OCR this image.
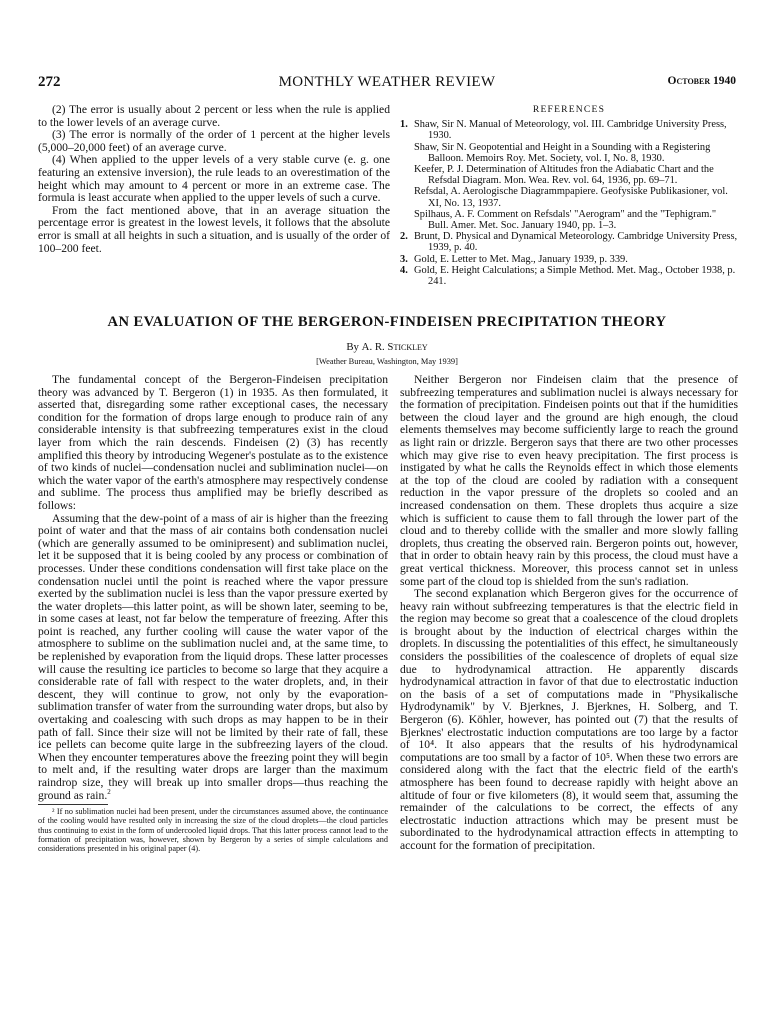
272	MONTHLY WEATHER REVIEW	October 1940

(2) The error is usually about 2 percent or less when the rule is applied to the lower levels of an average curve.

(3) The error is normally of the order of 1 percent at the higher levels (5,000–20,000 feet) of an average curve.

(4) When applied to the upper levels of a very stable curve (e. g. one featuring an extensive inversion), the rule leads to an overestimation of the height which may amount to 4 percent or more in an extreme case. The formula is least accurate when applied to the upper levels of such a curve.

From the fact mentioned above, that in an average situation the percentage error is greatest in the lowest levels, it follows that the absolute error is small at all heights in such a situation, and is usually of the order of 100–200 feet.

REFERENCES
1. Shaw, Sir N. Manual of Meteorology, vol. III. Cambridge University Press, 1930.
Shaw, Sir N. Geopotential and Height in a Sounding with a Registering Balloon. Memoirs Roy. Met. Society, vol. I, No. 8, 1930.
Keefer, P. J. Determination of Altitudes fron the Adiabatic Chart and the Refsdal Diagram. Mon. Wea. Rev. vol. 64, 1936, pp. 69–71.
Refsdal, A. Aerologische Diagrammpapiere. Geofysiske Publikasioner, vol. XI, No. 13, 1937.
Spilhaus, A. F. Comment on Refsdals' "Aerogram" and the "Tephigram." Bull. Amer. Met. Soc. January 1940, pp. 1–3.
2. Brunt, D. Physical and Dynamical Meteorology. Cambridge University Press, 1939, p. 40.
3. Gold, E. Letter to Met. Mag., January 1939, p. 339.
4. Gold, E. Height Calculations; a Simple Method. Met. Mag., October 1938, p. 241.
AN EVALUATION OF THE BERGERON-FINDEISEN PRECIPITATION THEORY
By A. R. Stickley
[Weather Bureau, Washington, May 1939]

The fundamental concept of the Bergeron-Findeisen precipitation theory was advanced by T. Bergeron (1) in 1935. As then formulated, it asserted that, disregarding some rather exceptional cases, the necessary condition for the formation of drops large enough to produce rain of any considerable intensity is that subfreezing temperatures exist in the cloud layer from which the rain descends. Findeisen (2) (3) has recently amplified this theory by introducing Wegener's postulate as to the existence of two kinds of nuclei—condensation nuclei and sublimination nuclei—on which the water vapor of the earth's atmosphere may respectively condense and sublime. The process thus amplified may be briefly described as follows:

Assuming that the dew-point of a mass of air is higher than the freezing point of water and that the mass of air contains both condensation nuclei (which are generally assumed to be ominipresent) and sublimation nuclei, let it be supposed that it is being cooled by any process or combination of processes. Under these conditions condensation will first take place on the condensation nuclei until the point is reached where the vapor pressure exerted by the sublimation nuclei is less than the vapor pressure exerted by the water droplets—this latter point, as will be shown later, seeming to be, in some cases at least, not far below the temperature of freezing. After this point is reached, any further cooling will cause the water vapor of the atmosphere to sublime on the sublimation nuclei and, at the same time, to be replenished by evaporation from the liquid drops. These latter processes will cause the resulting ice particles to become so large that they acquire a considerable rate of fall with respect to the water droplets, and, in their descent, they will continue to grow, not only by the evaporation-sublimation transfer of water from the surrounding water drops, but also by overtaking and coalescing with such drops as may happen to be in their path of fall. Since their size will not be limited by their rate of fall, these ice pellets can become quite large in the subfreezing layers of the cloud. When they encounter temperatures above the freezing point they will begin to melt and, if the resulting water drops are larger than the maximum raindrop size, they will break up into smaller drops—thus reaching the ground as rain.$^2$

² If no sublimation nuclei had been present, under the circumstances assumed above, the continuance of the cooling would have resulted only in increasing the size of the cloud droplets—the cloud particles thus continuing to exist in the form of undercooled liquid drops. That this latter process cannot lead to the formation of precipitation was, however, shown by Bergeron by a series of simple calculations and considerations presented in his original paper (4).

Neither Bergeron nor Findeisen claim that the presence of subfreezing temperatures and sublimation nuclei is always necessary for the formation of precipitation. Findeisen points out that if the humidities between the cloud layer and the ground are high enough, the cloud elements themselves may become sufficiently large to reach the ground as light rain or drizzle. Bergeron says that there are two other processes which may give rise to even heavy precipitation. The first process is instigated by what he calls the Reynolds effect in which those elements at the top of the cloud are cooled by radiation with a consequent reduction in the vapor pressure of the droplets so cooled and an increased condensation on them. These droplets thus acquire a size which is sufficient to cause them to fall through the lower part of the cloud and to thereby collide with the smaller and more slowly falling droplets, thus creating the observed rain. Bergeron points out, however, that in order to obtain heavy rain by this process, the cloud must have a great vertical thickness. Moreover, this process cannot set in unless some part of the cloud top is shielded from the sun's radiation.

The second explanation which Bergeron gives for the occurrence of heavy rain without subfreezing temperatures is that the electric field in the region may become so great that a coalescence of the cloud droplets is brought about by the induction of electrical charges within the droplets. In discussing the potentialities of this effect, he simultaneously considers the possibilities of the coalescence of droplets of equal size due to hydrodynamical attraction. He apparently discards hydrodynamical attraction in favor of that due to electrostatic induction on the basis of a set of computations made in "Physikalische Hydrodynamik" by V. Bjerknes, J. Bjerknes, H. Solberg, and T. Bergeron (6). Köhler, however, has pointed out (7) that the results of Bjerknes' electrostatic induction computations are too large by a factor of 10⁴. It also appears that the results of his hydrodynamical computations are too small by a factor of 10⁵. When these two errors are considered along with the fact that the electric field of the earth's atmosphere has been found to decrease rapidly with height above an altitude of four or five kilometers (8), it would seem that, assuming the remainder of the calculations to be correct, the effects of any electrostatic induction attractions which may be present must be subordinated to the hydrodynamical attraction effects in attempting to account for the formation of precipitation.
